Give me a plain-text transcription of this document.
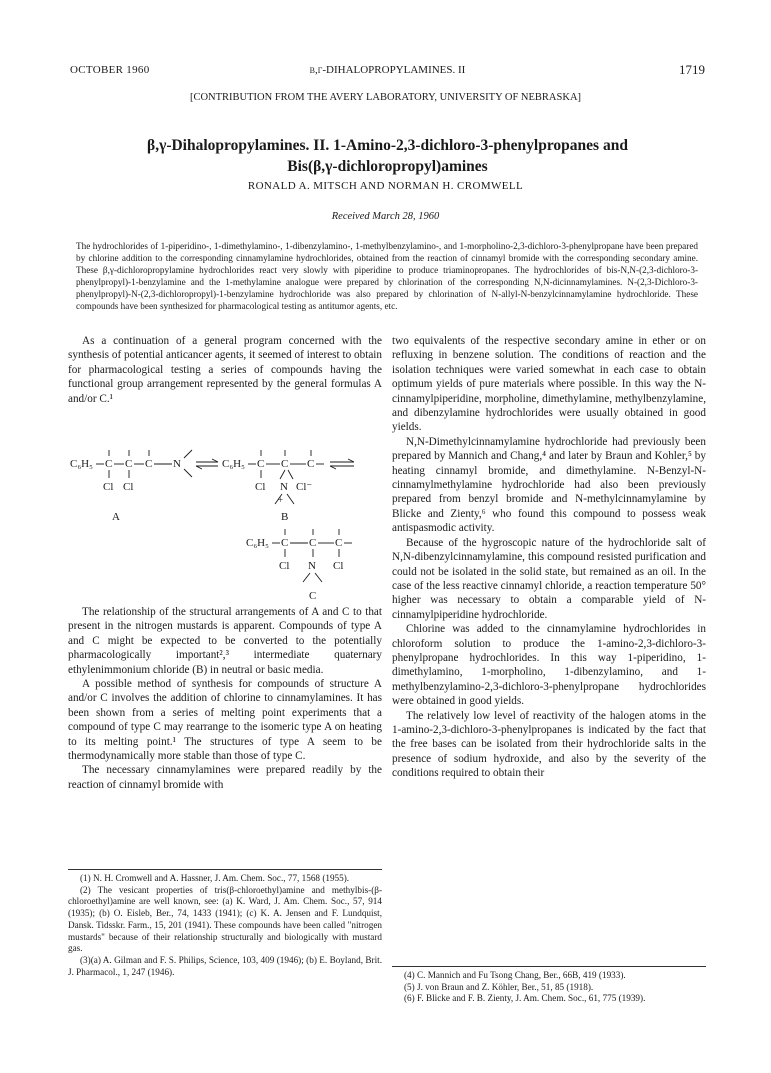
OCTOBER 1960	β,γ-DIHALOPROPYLAMINES. II	1719
[CONTRIBUTION FROM THE AVERY LABORATORY, UNIVERSITY OF NEBRASKA]
β,γ-Dihalopropylamines. II. 1-Amino-2,3-dichloro-3-phenylpropanes and
Bis(β,γ-dichloropropyl)amines
RONALD A. MITSCH AND NORMAN H. CROMWELL
Received March 28, 1960
The hydrochlorides of 1-piperidino-, 1-dimethylamino-, 1-dibenzylamino-, 1-methylbenzylamino-, and 1-morpholino-2,3-dichloro-3-phenylpropane have been prepared by chlorine addition to the corresponding cinnamylamine hydrochlorides, obtained from the reaction of cinnamyl bromide with the corresponding secondary amine. These β,γ-dichloropropylamine hydrochlorides react very slowly with piperidine to produce triaminopropanes. The hydrochlorides of bis-N,N-(2,3-dichloro-3-phenylpropyl)-1-benzylamine and the 1-methylamine analogue were prepared by chlorination of the corresponding N,N-dicinnamylamines. N-(2,3-Dichloro-3-phenylpropyl)-N-(2,3-dichloropropyl)-1-benzylamine hydrochloride was also prepared by chlorination of N-allyl-N-benzylcinnamylamine hydrochloride. These compounds have been synthesized for pharmacological testing as antitumor agents, etc.

As a continuation of a general program concerned with the synthesis of potential anticancer agents, it seemed of interest to obtain for pharmacological testing a series of compounds having the functional group arrangement represented by the general formulas A and/or C.¹

C₆H₅ C C C N
Cl Cl
A
C₆H₅ C C C
Cl N Cl⁻
+
B
C₆H₅ C C C
Cl N Cl
C

The relationship of the structural arrangements of A and C to that present in the nitrogen mustards is apparent. Compounds of type A and C might be expected to be converted to the potentially pharmacologically important²,³ intermediate quaternary ethylenimmonium chloride (B) in neutral or basic media.

A possible method of synthesis for compounds of structure A and/or C involves the addition of chlorine to cinnamylamines. It has been shown from a series of melting point experiments that a compound of type C may rearrange to the isomeric type A on heating to its melting point.¹ The structures of type A seem to be thermodynamically more stable than those of type C.

The necessary cinnamylamines were prepared readily by the reaction of cinnamyl bromide with

(1) N. H. Cromwell and A. Hassner, J. Am. Chem. Soc., 77, 1568 (1955).

(2) The vesicant properties of tris(β-chloroethyl)amine and methylbis-(β-chloroethyl)amine are well known, see: (a) K. Ward, J. Am. Chem. Soc., 57, 914 (1935); (b) O. Eisleb, Ber., 74, 1433 (1941); (c) K. A. Jensen and F. Lundquist, Dansk. Tidsskr. Farm., 15, 201 (1941). These compounds have been called "nitrogen mustards" because of their relationship structurally and biologically with mustard gas.

(3)(a) A. Gilman and F. S. Philips, Science, 103, 409 (1946); (b) E. Boyland, Brit. J. Pharmacol., 1, 247 (1946).

two equivalents of the respective secondary amine in ether or on refluxing in benzene solution. The conditions of reaction and the isolation techniques were varied somewhat in each case to obtain optimum yields of pure materials where possible. In this way the N-cinnamylpiperidine, morpholine, dimethylamine, methylbenzylamine, and dibenzylamine hydrochlorides were usually obtained in good yields.

N,N-Dimethylcinnamylamine hydrochloride had previously been prepared by Mannich and Chang,⁴ and later by Braun and Kohler,⁵ by heating cinnamyl bromide, and dimethylamine. N-Benzyl-N-cinnamylmethylamine hydrochloride had also been previously prepared from benzyl bromide and N-methylcinnamylamine by Blicke and Zienty,⁶ who found this compound to possess weak antispasmodic activity.

Because of the hygroscopic nature of the hydrochloride salt of N,N-dibenzylcinnamylamine, this compound resisted purification and could not be isolated in the solid state, but remained as an oil. In the case of the less reactive cinnamyl chloride, a reaction temperature 50° higher was necessary to obtain a comparable yield of N-cinnamylpiperidine hydrochloride.

Chlorine was added to the cinnamylamine hydrochlorides in chloroform solution to produce the 1-amino-2,3-dichloro-3-phenylpropane hydrochlorides. In this way 1-piperidino, 1-dimethylamino, 1-morpholino, 1-dibenzylamino, and 1-methylbenzylamino-2,3-dichloro-3-phenylpropane hydrochlorides were obtained in good yields.

The relatively low level of reactivity of the halogen atoms in the 1-amino-2,3-dichloro-3-phenylpropanes is indicated by the fact that the free bases can be isolated from their hydrochloride salts in the presence of sodium hydroxide, and also by the severity of the conditions required to obtain their

(4) C. Mannich and Fu Tsong Chang, Ber., 66B, 419 (1933).

(5) J. von Braun and Z. Köhler, Ber., 51, 85 (1918).

(6) F. Blicke and F. B. Zienty, J. Am. Chem. Soc., 61, 775 (1939).
